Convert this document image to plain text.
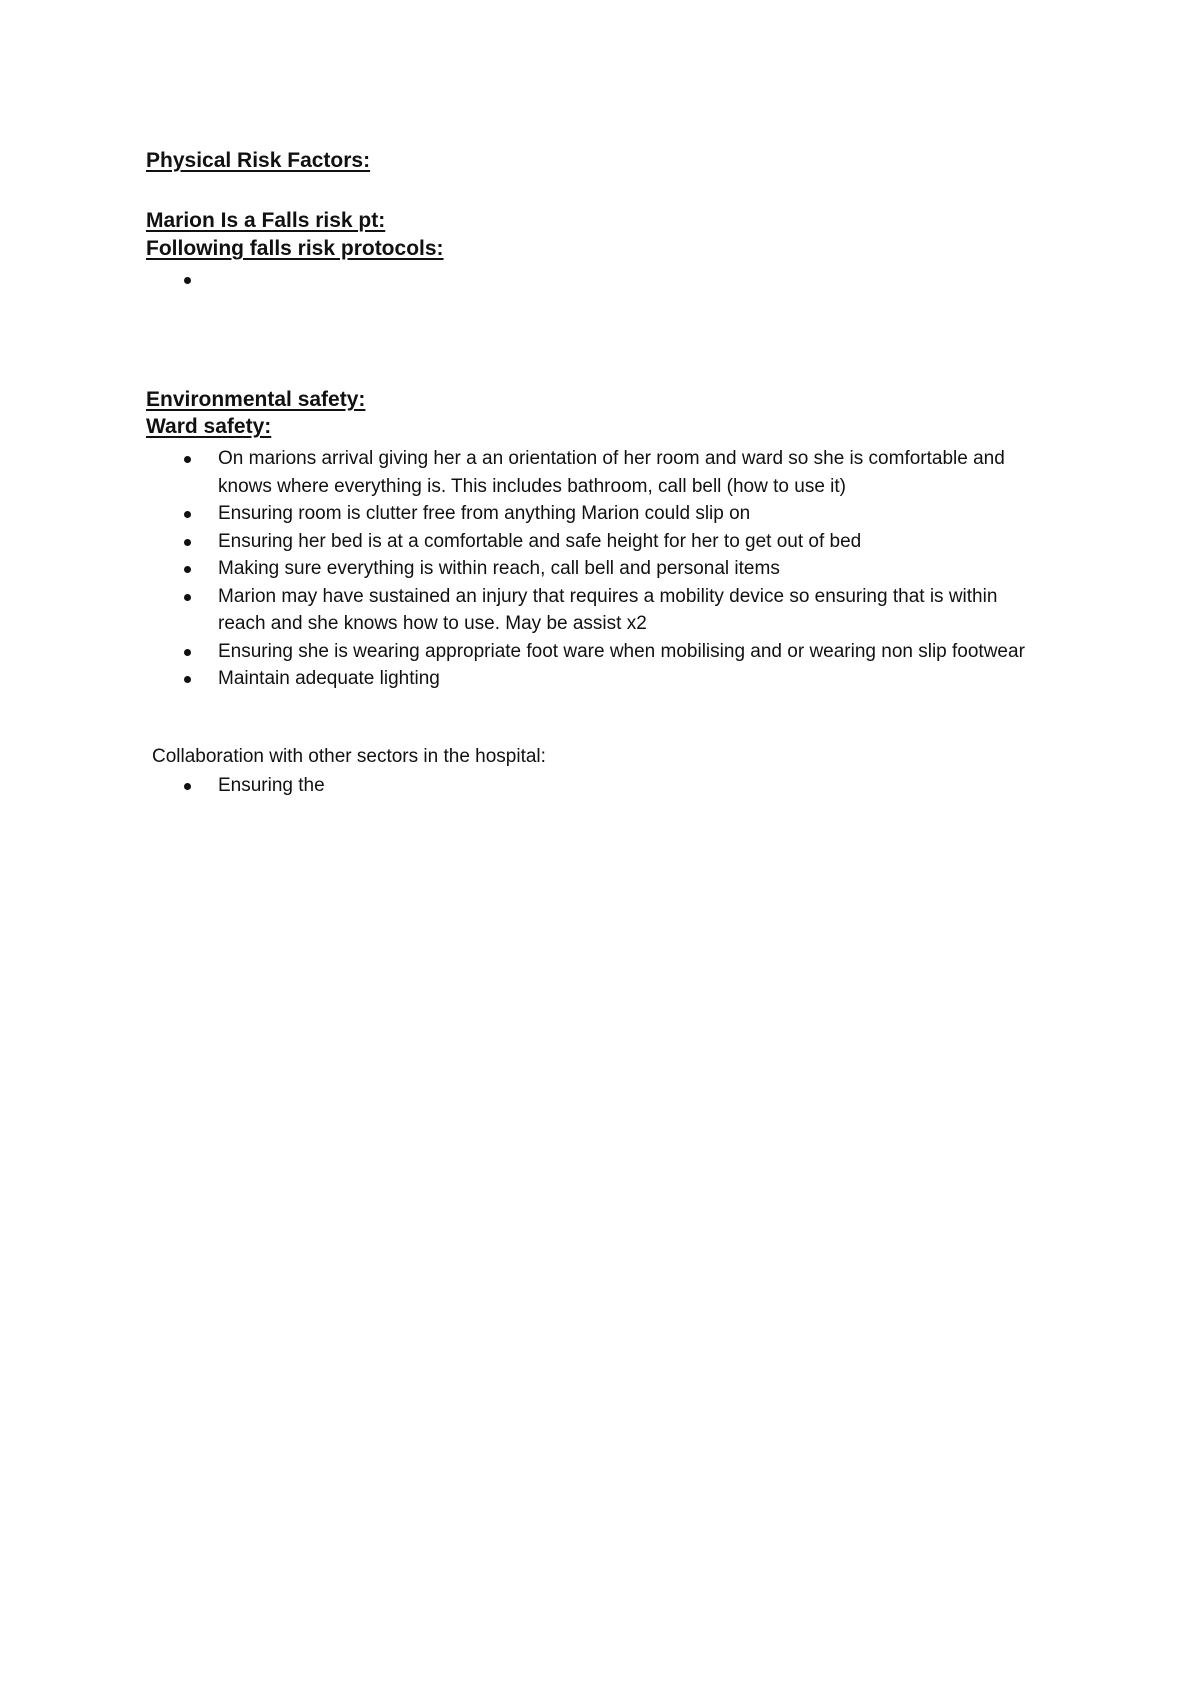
Physical Risk Factors:
Marion Is a Falls risk pt:
Following falls risk protocols:
Environmental safety:
Ward safety:
On marions arrival giving her a an orientation of her room and ward so she is comfortable and knows where everything is. This includes bathroom, call bell (how to use it)
Ensuring room is clutter free from anything Marion could slip on
Ensuring her bed is at a comfortable and safe height for her to get out of bed
Making sure everything is within reach, call bell and personal items
Marion may have sustained an injury that requires a mobility device so ensuring that is within reach and she knows how to use. May be assist x2
Ensuring she is wearing appropriate foot ware when mobilising and or wearing non slip footwear
Maintain adequate lighting
Collaboration with other sectors in the hospital:
Ensuring the
